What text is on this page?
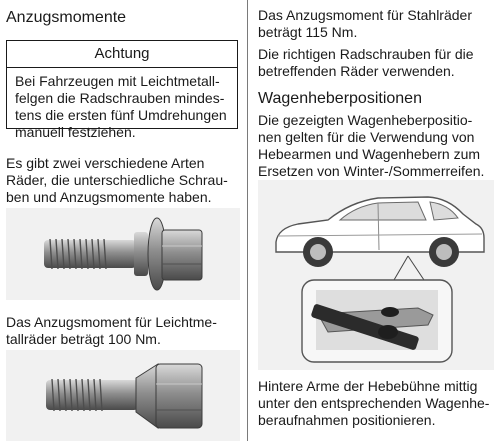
Anzugsmomente
Achtung
Bei Fahrzeugen mit Leichtmetall-
felgen die Radschrauben mindes-
tens die ersten fünf Umdrehungen
manuell festziehen.

Es gibt zwei verschiedene Arten
Räder, die unterschiedliche Schrau-
ben und Anzugsmomente haben.

Das Anzugsmoment für Leichtme-
tallräder beträgt 100 Nm.

Das Anzugsmoment für Stahlräder
beträgt 115 Nm.

Die richtigen Radschrauben für die
betreffenden Räder verwenden.

Wagenheberpositionen

Die gezeigten Wagenheberpositio-
nen gelten für die Verwendung von
Hebearmen und Wagenhebern zum
Ersetzen von Winter-/Sommerreifen.

Hintere Arme der Hebebühne mittig
unter den entsprechenden Wagenhe-
beraufnahmen positionieren.
